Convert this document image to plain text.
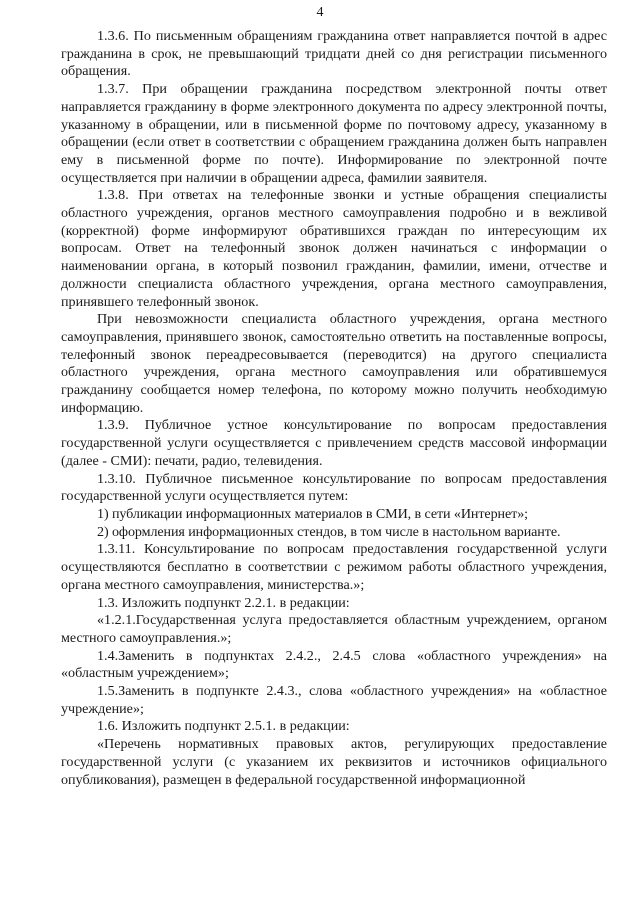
4

1.3.6. По письменным обращениям гражданина ответ направляется почтой в адрес гражданина в срок, не превышающий тридцати дней со дня регистрации письменного обращения.

1.3.7. При обращении гражданина посредством электронной почты ответ направляется гражданину в форме электронного документа по адресу электронной почты, указанному в обращении, или в письменной форме по почтовому адресу, указанному в обращении (если ответ в соответствии с обращением гражданина должен быть направлен ему в письменной форме по почте). Информирование по электронной почте осуществляется при наличии в обращении адреса, фамилии заявителя.

1.3.8. При ответах на телефонные звонки и устные обращения специалисты областного учреждения, органов местного самоуправления подробно и в вежливой (корректной) форме информируют обратившихся граждан по интересующим их вопросам. Ответ на телефонный звонок должен начинаться с информации о наименовании органа, в который позвонил гражданин, фамилии, имени, отчестве и должности специалиста областного учреждения, органа местного самоуправления, принявшего телефонный звонок.

При невозможности специалиста областного учреждения, органа местного самоуправления, принявшего звонок, самостоятельно ответить на поставленные вопросы, телефонный звонок переадресовывается (переводится) на другого специалиста областного учреждения, органа местного самоуправления или обратившемуся гражданину сообщается номер телефона, по которому можно получить необходимую информацию.

1.3.9. Публичное устное консультирование по вопросам предоставления государственной услуги осуществляется с привлечением средств массовой информации (далее - СМИ): печати, радио, телевидения.

1.3.10. Публичное письменное консультирование по вопросам предоставления государственной услуги осуществляется путем:

1) публикации информационных материалов в СМИ, в сети «Интернет»;

2) оформления информационных стендов, в том числе в настольном варианте.

1.3.11. Консультирование по вопросам предоставления государственной услуги осуществляются бесплатно в соответствии с режимом работы областного учреждения, органа местного самоуправления, министерства.»;

1.3. Изложить подпункт 2.2.1. в редакции:

«1.2.1.Государственная услуга предоставляется областным учреждением, органом местного самоуправления.»;

1.4.Заменить в подпунктах 2.4.2., 2.4.5 слова «областного учреждения» на «областным учреждением»;

1.5.Заменить в подпункте 2.4.3., слова «областного учреждения» на «областное учреждение»;

1.6. Изложить подпункт 2.5.1. в редакции:

«Перечень нормативных правовых актов, регулирующих предоставление государственной услуги (с указанием их реквизитов и источников официального опубликования), размещен в федеральной государственной информационной
